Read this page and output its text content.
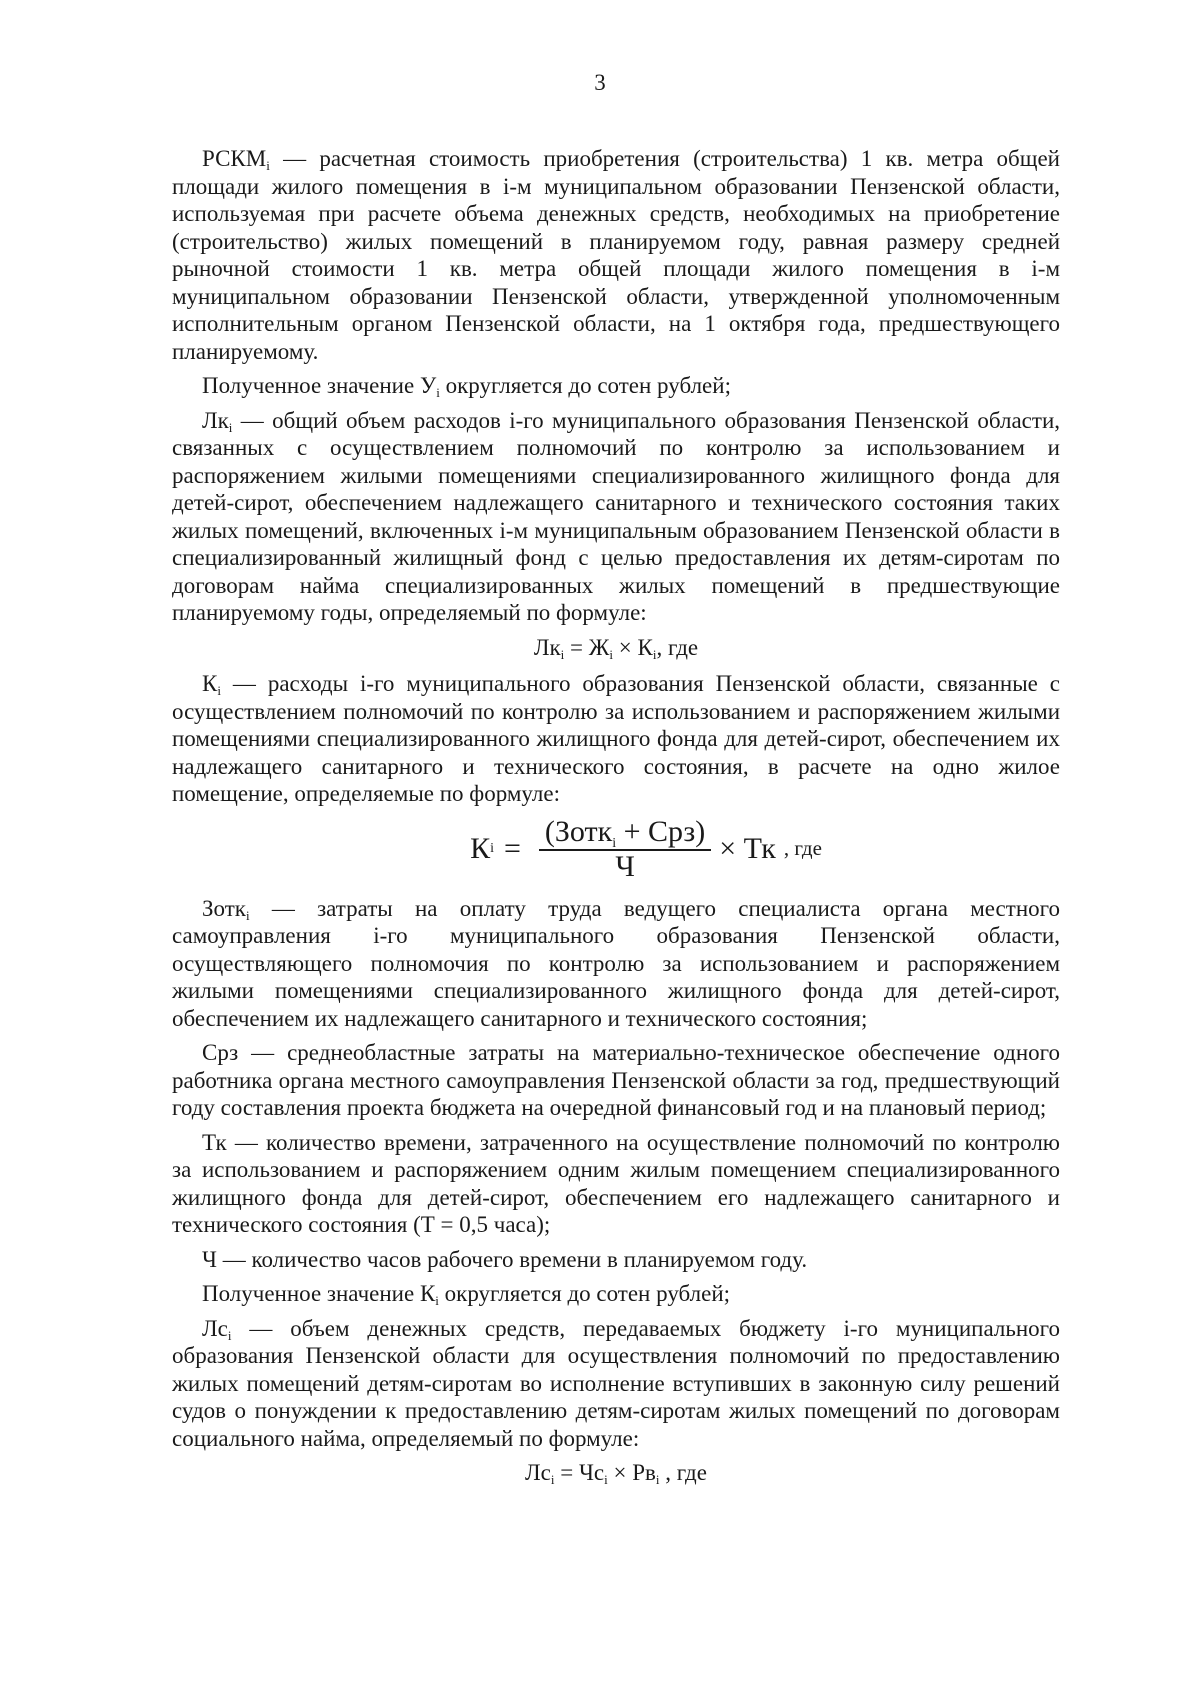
3

$РСКМ_i$ — расчетная стоимость приобретения (строительства) 1 кв. метра общей площади жилого помещения в i-м муниципальном образовании Пензенской области, используемая при расчете объема денежных средств, необходимых на приобретение (строительство) жилых помещений в планируемом году, равная размеру средней рыночной стоимости 1 кв. метра общей площади жилого помещения в i-м муниципальном образовании Пензенской области, утвержденной уполномоченным исполнительным органом Пензенской области, на 1 октября года, предшествующего планируемому.

Полученное значение $У_i$ округляется до сотен рублей;

$Лк_i$ — общий объем расходов i-го муниципального образования Пензенской области, связанных с осуществлением полномочий по контролю за использованием и распоряжением жилыми помещениями специализированного жилищного фонда для детей-сирот, обеспечением надлежащего санитарного и технического состояния таких жилых помещений, включенных i-м муниципальным образованием Пензенской области в специализированный жилищный фонд с целью предоставления их детям-сиротам по договорам найма специализированных жилых помещений в предшествующие планируемому годы, определяемый по формуле:

$Лк_i = Ж_i \times К_i$, где

$К_i$ — расходы i-го муниципального образования Пензенской области, связанные с осуществлением полномочий по контролю за использованием и распоряжением жилыми помещениями специализированного жилищного фонда для детей-сирот, обеспечением их надлежащего санитарного и технического состояния, в расчете на одно жилое помещение, определяемые по формуле:

К $i = \frac{(Зотк_i + Срз)}{Ч}$ × Тк , где

Зотк$_i$ — затраты на оплату труда ведущего специалиста органа местного самоуправления i-го муниципального образования Пензенской области, осуществляющего полномочия по контролю за использованием и распоряжением жилыми помещениями специализированного жилищного фонда для детей-сирот, обеспечением их надлежащего санитарного и технического состояния;

Срз — среднеобластные затраты на материально-техническое обеспечение одного работника органа местного самоуправления Пензенской области за год, предшествующий году составления проекта бюджета на очередной финансовый год и на плановый период;

Тк — количество времени, затраченного на осуществление полномочий по контролю за использованием и распоряжением одним жилым помещением специализированного жилищного фонда для детей-сирот, обеспечением его надлежащего санитарного и технического состояния (Т = 0,5 часа);

Ч — количество часов рабочего времени в планируемом году.

Полученное значение $К_i$ округляется до сотен рублей;

$Лс_i$ — объем денежных средств, передаваемых бюджету i-го муниципального образования Пензенской области для осуществления полномочий по предоставлению жилых помещений детям-сиротам во исполнение вступивших в законную силу решений судов о понуждении к предоставлению детям-сиротам жилых помещений по договорам социального найма, определяемый по формуле:

$Лс_i = Чс_i \times Рв_i$ , где
